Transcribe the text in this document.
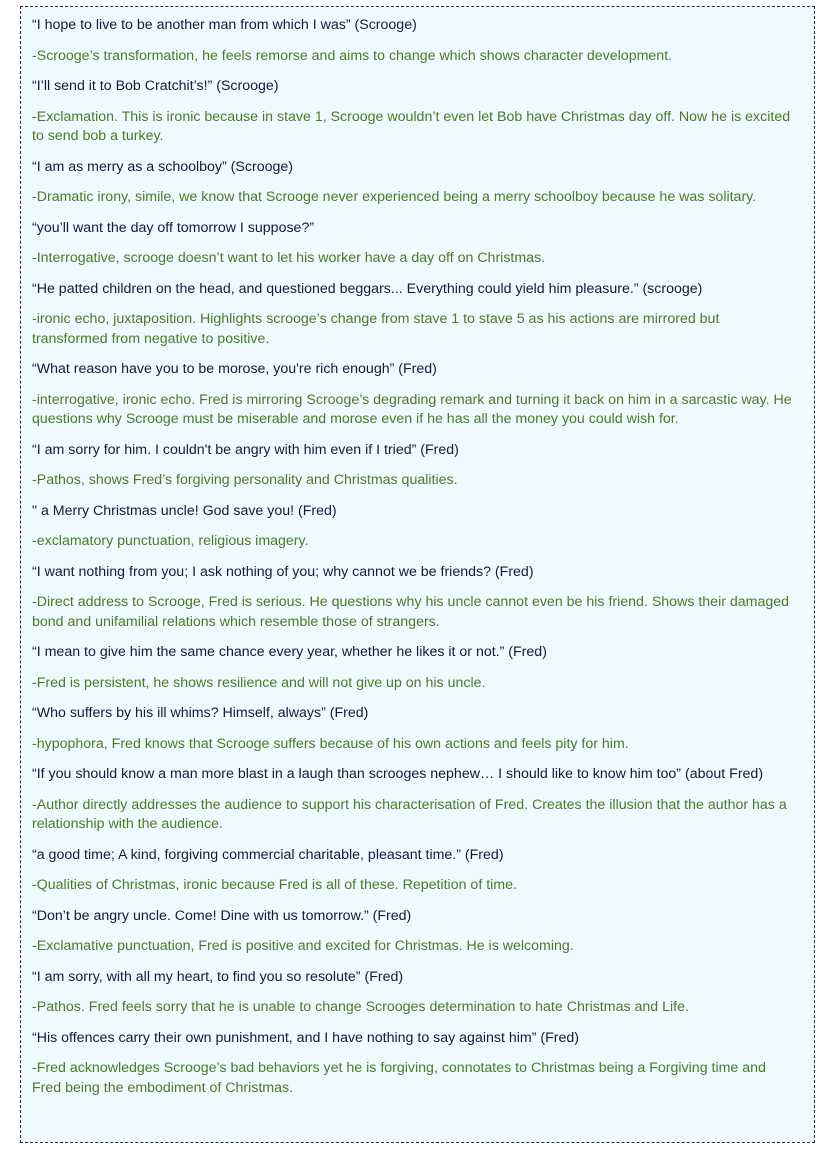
“I hope to live to be another man from which I was” (Scrooge)

-Scrooge’s transformation, he feels remorse and aims to change which shows character development.

“I’ll send it to Bob Cratchit’s!” (Scrooge)

-Exclamation. This is ironic because in stave 1, Scrooge wouldn’t even let Bob have Christmas day off. Now he is excited to send bob a turkey.

“I am as merry as a schoolboy” (Scrooge)

-Dramatic irony, simile, we know that Scrooge never experienced being a merry schoolboy because he was solitary.

“you’ll want the day off tomorrow I suppose?”

-Interrogative, scrooge doesn’t want to let his worker have a day off on Christmas.

“He patted children on the head, and questioned beggars... Everything could yield him pleasure.” (scrooge)

-ironic echo, juxtaposition. Highlights scrooge’s change from stave 1 to stave 5 as his actions are mirrored but transformed from negative to positive.

“What reason have you to be morose, you're rich enough” (Fred)

-interrogative, ironic echo. Fred is mirroring Scrooge’s degrading remark and turning it back on him in a sarcastic way. He questions why Scrooge must be miserable and morose even if he has all the money you could wish for.

“I am sorry for him. I couldn't be angry with him even if I tried” (Fred)

-Pathos, shows Fred’s forgiving personality and Christmas qualities.

" a Merry Christmas uncle! God save you! (Fred)

-exclamatory punctuation, religious imagery.

“I want nothing from you; I ask nothing of you; why cannot we be friends? (Fred)

-Direct address to Scrooge, Fred is serious. He questions why his uncle cannot even be his friend. Shows their damaged bond and unifamilial relations which resemble those of strangers.

“I mean to give him the same chance every year, whether he likes it or not.” (Fred)

-Fred is persistent, he shows resilience and will not give up on his uncle.

“Who suffers by his ill whims? Himself, always” (Fred)

-hypophora, Fred knows that Scrooge suffers because of his own actions and feels pity for him.

“If you should know a man more blast in a laugh than scrooges nephew… I should like to know him too” (about Fred)

-Author directly addresses the audience to support his characterisation of Fred. Creates the illusion that the author has a relationship with the audience.

“a good time; A kind, forgiving commercial charitable, pleasant time.” (Fred)

-Qualities of Christmas, ironic because Fred is all of these. Repetition of time.

“Don’t be angry uncle. Come! Dine with us tomorrow.” (Fred)

-Exclamative punctuation, Fred is positive and excited for Christmas. He is welcoming.

“I am sorry, with all my heart, to find you so resolute” (Fred)

-Pathos. Fred feels sorry that he is unable to change Scrooges determination to hate Christmas and Life.

“His offences carry their own punishment, and I have nothing to say against him” (Fred)

-Fred acknowledges Scrooge’s bad behaviors yet he is forgiving, connotates to Christmas being a Forgiving time and Fred being the embodiment of Christmas.
